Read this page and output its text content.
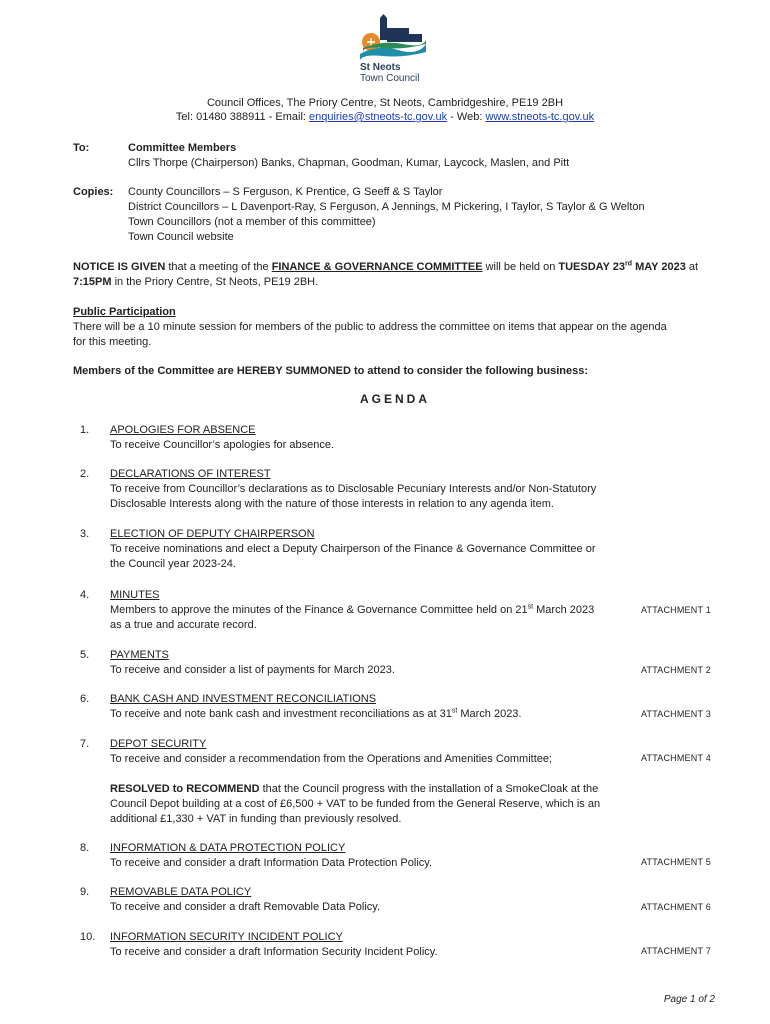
St Neots
Town Council
Council Offices, The Priory Centre, St Neots, Cambridgeshire, PE19 2BH
Tel: 01480 388911 - Email: enquiries@stneots-tc.gov.uk - Web: www.stneots-tc.gov.uk
To:	Committee Members
Cllrs Thorpe (Chairperson) Banks, Chapman, Goodman, Kumar, Laycock, Maslen, and Pitt
Copies: County Councillors – S Ferguson, K Prentice, G Seeff & S Taylor
District Councillors – L Davenport-Ray, S Ferguson, A Jennings, M Pickering, I Taylor, S Taylor & G Welton
Town Councillors (not a member of this committee)
Town Council website
NOTICE IS GIVEN that a meeting of the FINANCE & GOVERNANCE COMMITTEE will be held on TUESDAY 23rd MAY 2023 at
7:15PM in the Priory Centre, St Neots, PE19 2BH.
Public Participation
There will be a 10 minute session for members of the public to address the committee on items that appear on the agenda
for this meeting.
Members of the Committee are HEREBY SUMMONED to attend to consider the following business:
AGENDA
1. APOLOGIES FOR ABSENCE
To receive Councillor’s apologies for absence.
2. DECLARATIONS OF INTEREST
To receive from Councillor’s declarations as to Disclosable Pecuniary Interests and/or Non-Statutory
Disclosable Interests along with the nature of those interests in relation to any agenda item.
3. ELECTION OF DEPUTY CHAIRPERSON
To receive nominations and elect a Deputy Chairperson of the Finance & Governance Committee or
the Council year 2023-24.
4. MINUTES
Members to approve the minutes of the Finance & Governance Committee held on 21st March 2023
as a true and accurate record.
ATTACHMENT 1
5. PAYMENTS
To receive and consider a list of payments for March 2023.	ATTACHMENT 2
6. BANK CASH AND INVESTMENT RECONCILIATIONS
To receive and note bank cash and investment reconciliations as at 31st March 2023.	ATTACHMENT 3
7. DEPOT SECURITY
To receive and consider a recommendation from the Operations and Amenities Committee;	ATTACHMENT 4
RESOLVED to RECOMMEND that the Council progress with the installation of a SmokeCloak at the
Council Depot building at a cost of £6,500 + VAT to be funded from the General Reserve, which is an
additional £1,330 + VAT in funding than previously resolved.
8. INFORMATION & DATA PROTECTION POLICY
To receive and consider a draft Information Data Protection Policy.	ATTACHMENT 5
9. REMOVABLE DATA POLICY
To receive and consider a draft Removable Data Policy.	ATTACHMENT 6
10. INFORMATION SECURITY INCIDENT POLICY
To receive and consider a draft Information Security Incident Policy.	ATTACHMENT 7
Page 1 of 2
